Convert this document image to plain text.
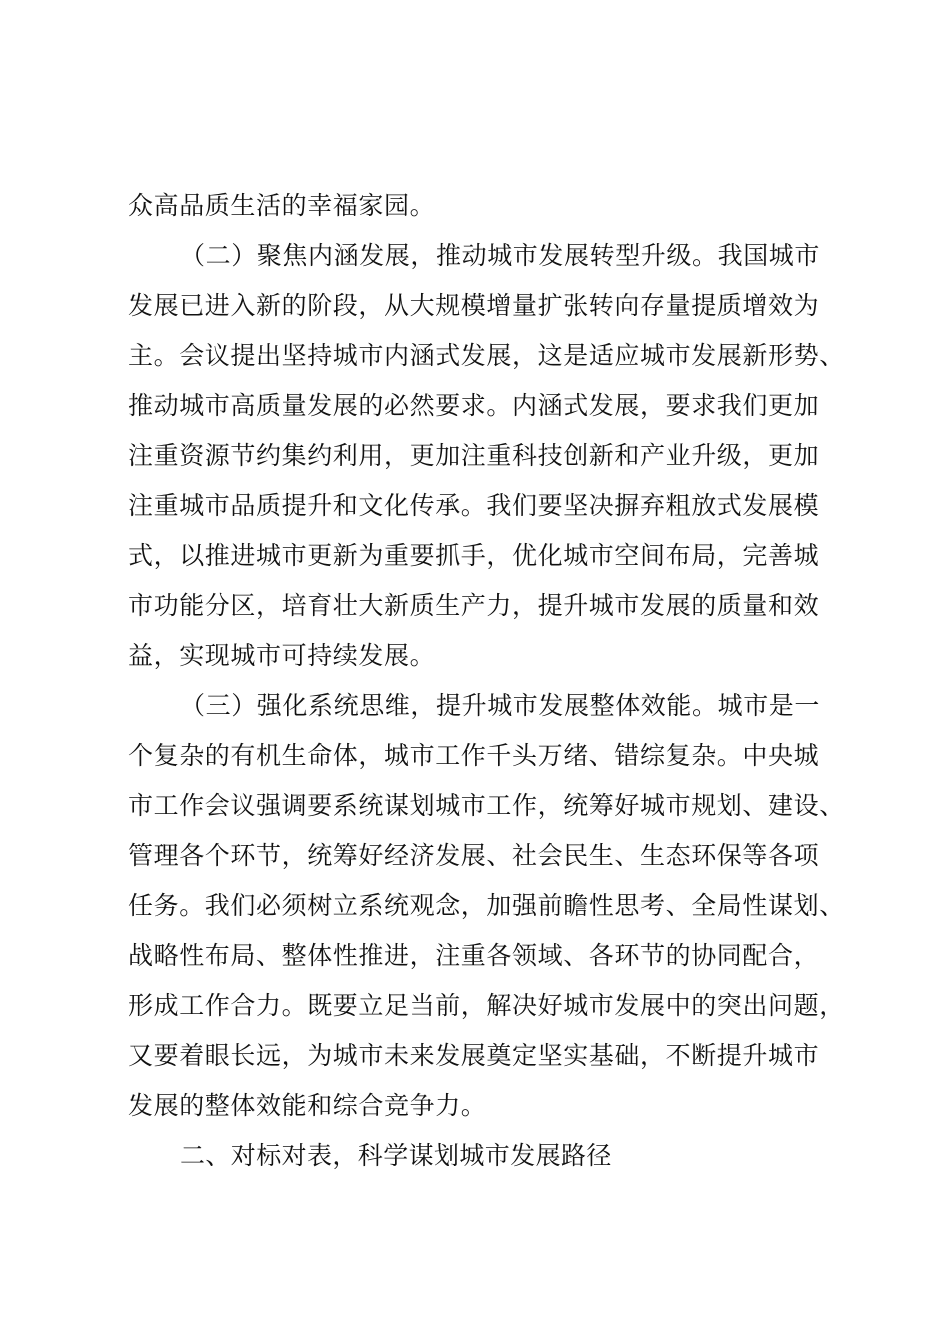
众高品质生活的幸福家园。
（二）聚焦内涵发展，推动城市发展转型升级。我国城市
发展已进入新的阶段，从大规模增量扩张转向存量提质增效为
主。会议提出坚持城市内涵式发展，这是适应城市发展新形势、
推动城市高质量发展的必然要求。内涵式发展，要求我们更加
注重资源节约集约利用，更加注重科技创新和产业升级，更加
注重城市品质提升和文化传承。我们要坚决摒弃粗放式发展模
式，以推进城市更新为重要抓手，优化城市空间布局，完善城
市功能分区，培育壮大新质生产力，提升城市发展的质量和效
益，实现城市可持续发展。
（三）强化系统思维，提升城市发展整体效能。城市是一
个复杂的有机生命体，城市工作千头万绪、错综复杂。中央城
市工作会议强调要系统谋划城市工作，统筹好城市规划、建设、
管理各个环节，统筹好经济发展、社会民生、生态环保等各项
任务。我们必须树立系统观念，加强前瞻性思考、全局性谋划、
战略性布局、整体性推进，注重各领域、各环节的协同配合，
形成工作合力。既要立足当前，解决好城市发展中的突出问题，
又要着眼长远，为城市未来发展奠定坚实基础，不断提升城市
发展的整体效能和综合竞争力。
二、对标对表，科学谋划城市发展路径
